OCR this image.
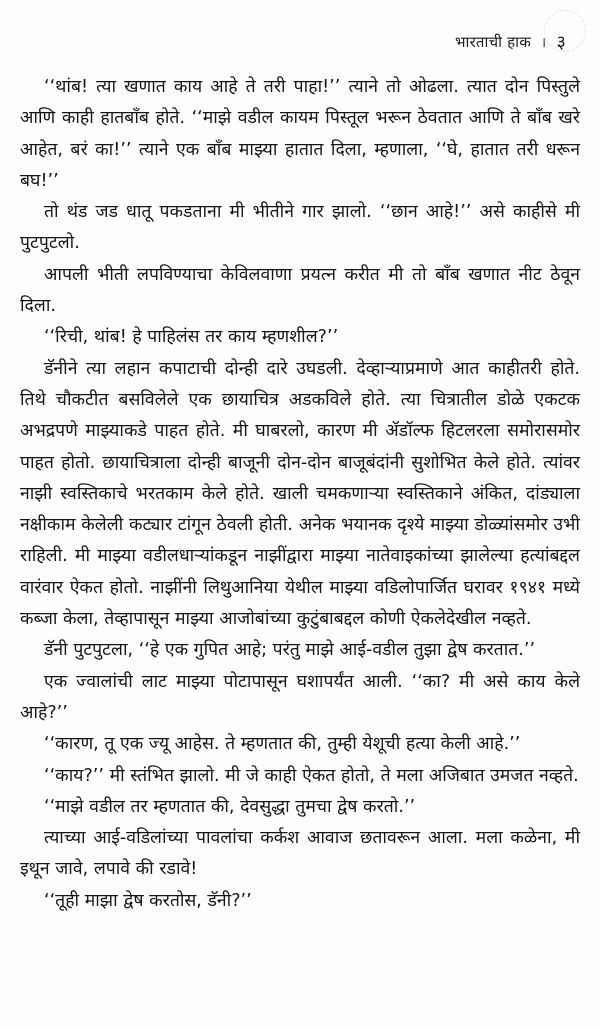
भारताची हाक । ३

‘‘थांब! त्या खणात काय आहे ते तरी पाहा!’’ त्याने तो ओढला. त्यात दोन पिस्तुले आणि काही हातबाँब होते. ‘‘माझे वडील कायम पिस्तूल भरून ठेवतात आणि ते बाँब खरे आहेत, बरं का!’’ त्याने एक बाँब माझ्या हातात दिला, म्हणाला, ‘‘घे, हातात तरी धरून बघ!’’

तो थंड जड धातू पकडताना मी भीतीने गार झालो. ‘‘छान आहे!’’ असे काहीसे मी पुटपुटलो.

आपली भीती लपविण्याचा केविलवाणा प्रयत्न करीत मी तो बाँब खणात नीट ठेवून दिला.

‘‘रिची, थांब! हे पाहिलंस तर काय म्हणशील?’’

डॅनीने त्या लहान कपाटाची दोन्ही दारे उघडली. देव्हाऱ्याप्रमाणे आत काहीतरी होते. तिथे चौकटीत बसविलेले एक छायाचित्र अडकविले होते. त्या चित्रातील डोळे एकटक अभद्रपणे माझ्याकडे पाहत होते. मी घाबरलो, कारण मी ॲडॉल्फ हिटलरला समोरासमोर पाहत होतो. छायाचित्राला दोन्ही बाजूनी दोन-दोन बाजूबंदांनी सुशोभित केले होते. त्यांवर नाझी स्वस्तिकाचे भरतकाम केले होते. खाली चमकणाऱ्या स्वस्तिकाने अंकित, दांड्याला नक्षीकाम केलेली कट्यार टांगून ठेवली होती. अनेक भयानक दृश्ये माझ्या डोळ्यांसमोर उभी राहिली. मी माझ्या वडीलधाऱ्यांकडून नाझींद्वारा माझ्या नातेवाइकांच्या झालेल्या हत्यांबद्दल वारंवार ऐकत होतो. नाझींनी लिथुआनिया येथील माझ्या वडिलोपार्जित घरावर १९४१ मध्ये कब्जा केला, तेव्हापासून माझ्या आजोबांच्या कुटुंबाबद्दल कोणी ऐकलेदेखील नव्हते.

डॅनी पुटपुटला, ‘‘हे एक गुपित आहे; परंतु माझे आई-वडील तुझा द्वेष करतात.’’

एक ज्वालांची लाट माझ्या पोटापासून घशापर्यंत आली. ‘‘का? मी असे काय केले आहे?’’

‘‘कारण, तू एक ज्यू आहेस. ते म्हणतात की, तुम्ही येशूची हत्या केली आहे.’’

‘‘काय?’’ मी स्तंभित झालो. मी जे काही ऐकत होतो, ते मला अजिबात उमजत नव्हते.

‘‘माझे वडील तर म्हणतात की, देवसुद्धा तुमचा द्वेष करतो.’’

त्याच्या आई-वडिलांच्या पावलांचा कर्कश आवाज छतावरून आला. मला कळेना, मी इथून जावे, लपावे की रडावे!

‘‘तूही माझा द्वेष करतोस, डॅनी?’’
